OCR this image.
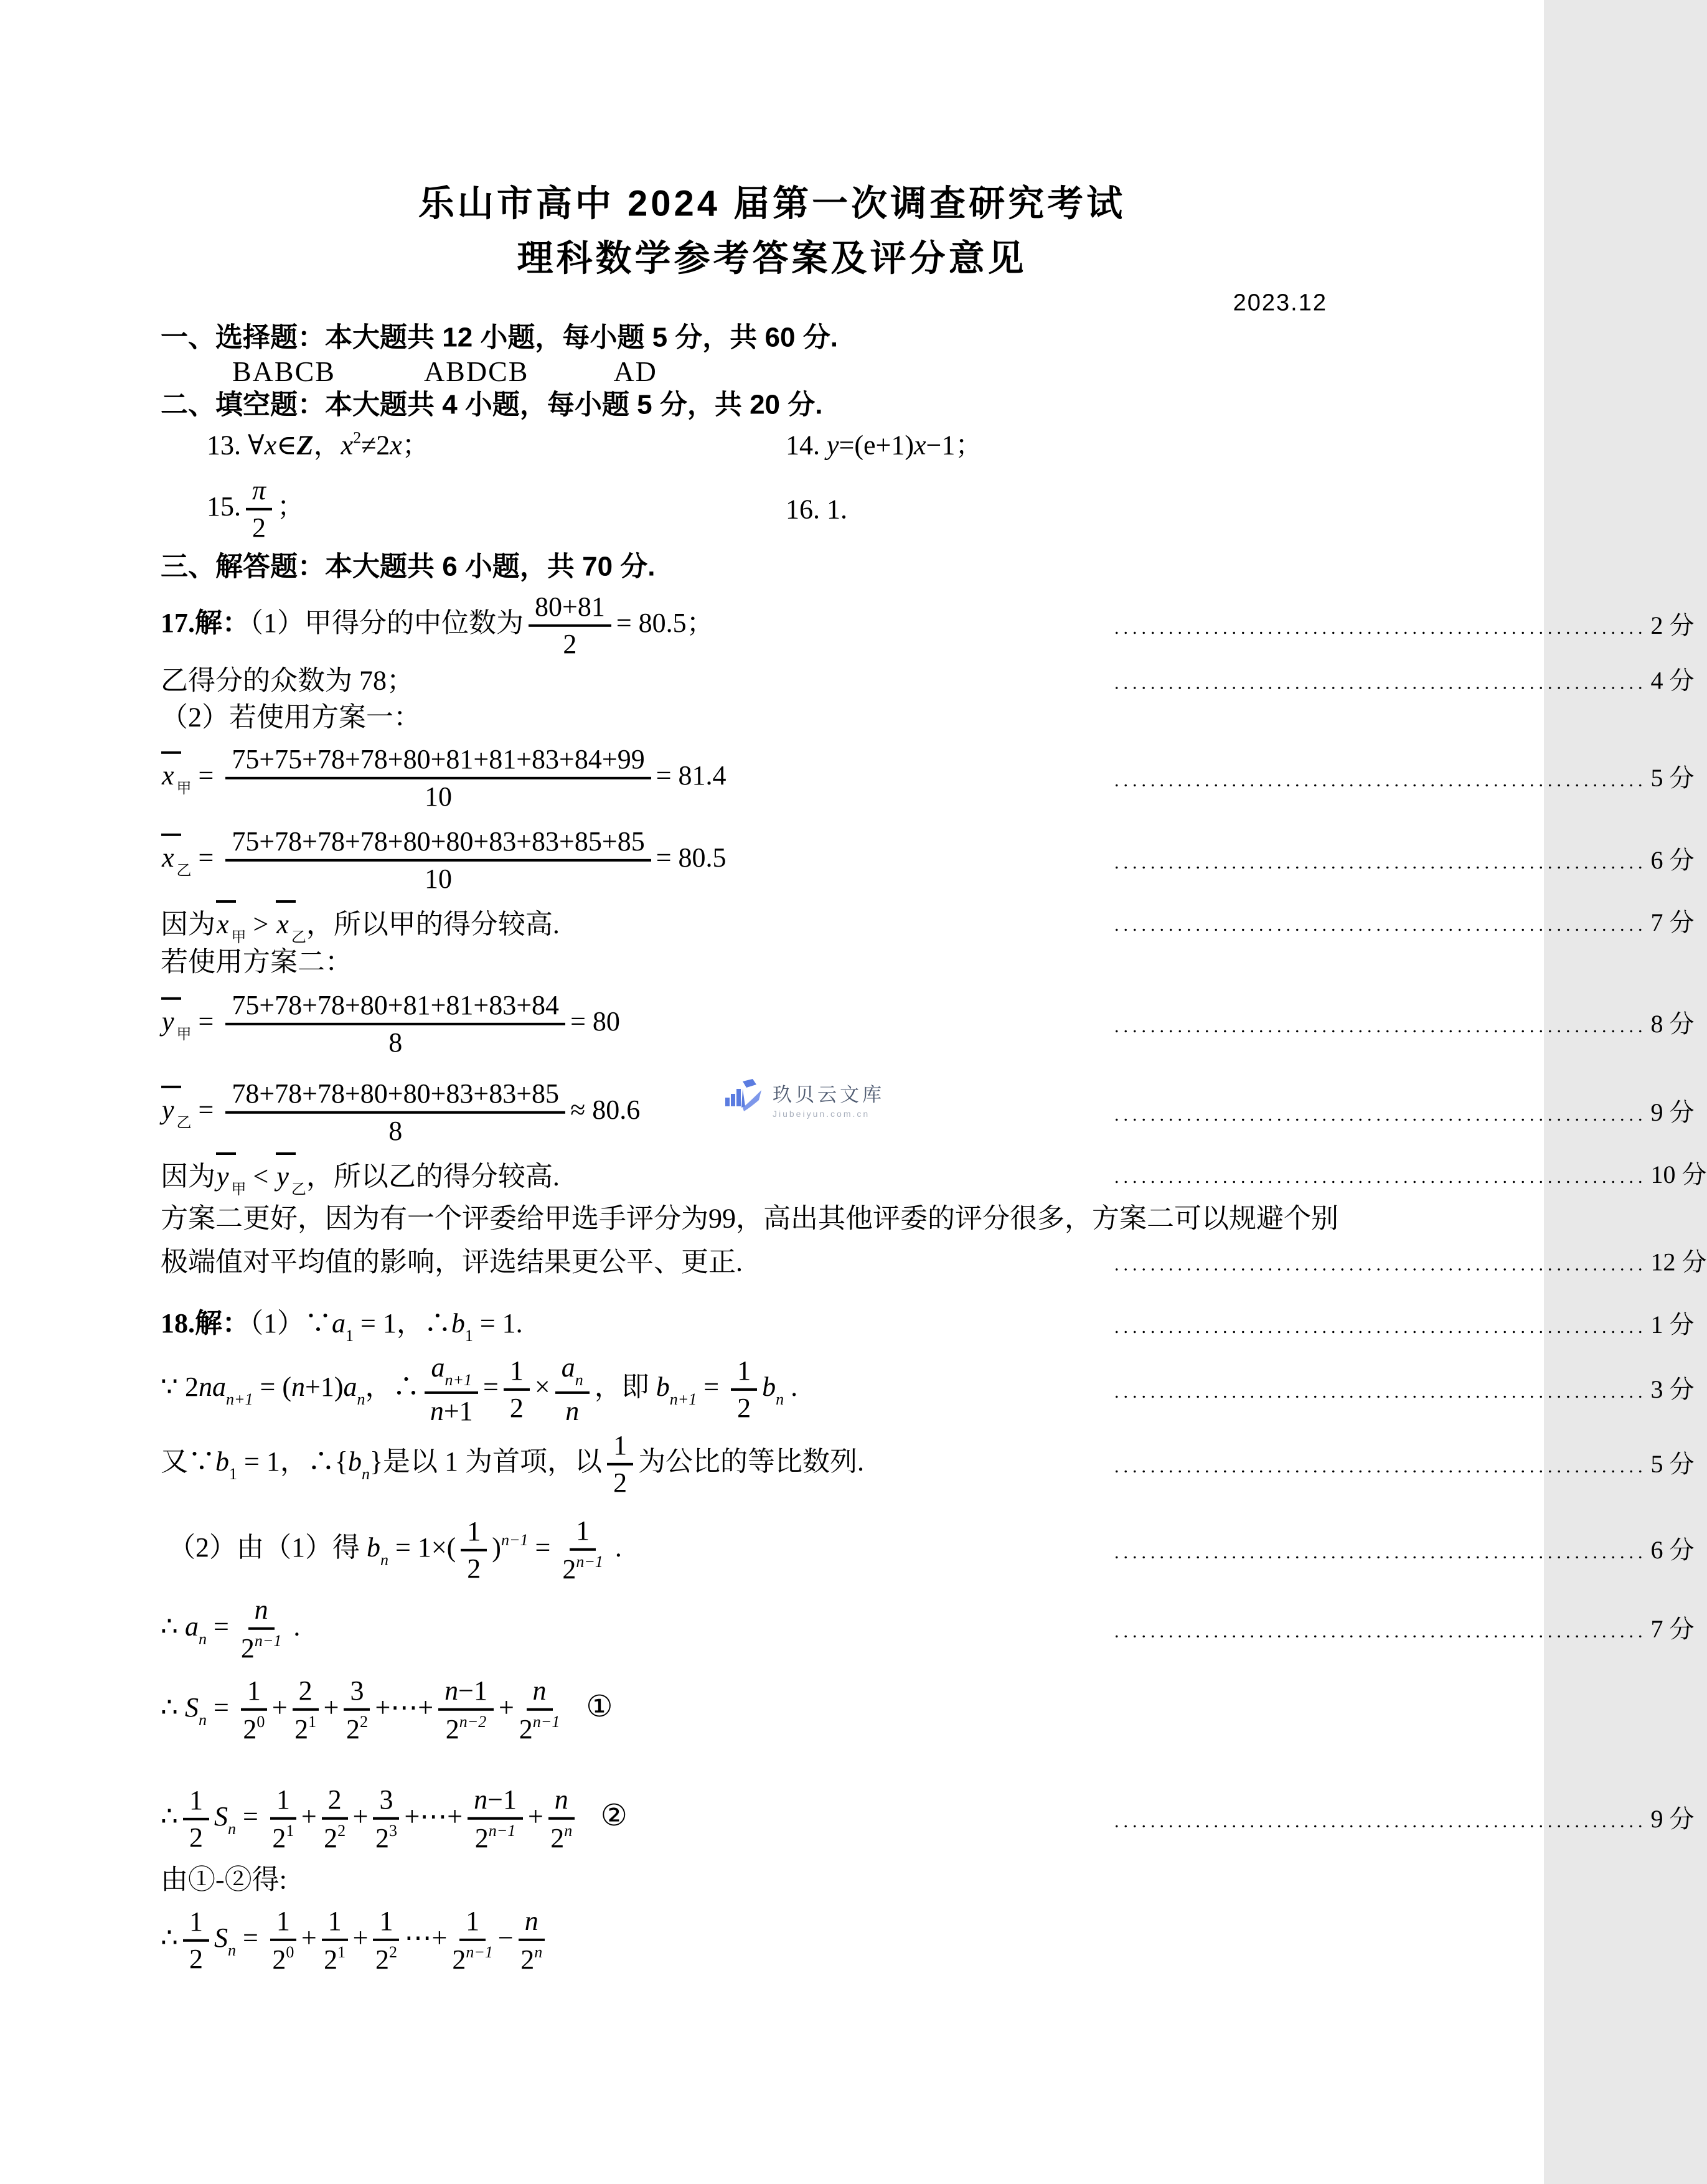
玖贝云文库
Jiubeiyun.com.cn
乐山市高中 2024 届第一次调查研究考试
理科数学参考答案及评分意见
2023.12
一、选择题：本大题共 12 小题，每小题 5 分，共 60 分.
BABCB	ABDCB	AD
二、填空题：本大题共 4 小题，每小题 5 分，共 20 分.
13. ∀x∈Z，$x^2\ne 2x$；	14. y=(e+1)x−1；
15. $\frac{\pi}{2}$ ；	16. 1.
三、解答题：本大题共 6 小题，共 70 分.
17.解：（1）甲得分的中位数为 $\frac{80+81}{2} = 80.5$；	........................................................... 2 分
乙得分的众数为 78；	........................................................... 4 分
（2）若使用方案一：
x $_甲 = \frac{75+75+78+78+80+81+81+83+84+99}{10} = 81.4$	........................................................... 5 分
x $_乙 = \frac{75+78+78+78+80+80+83+83+85+85}{10} = 80.5$	........................................................... 6 分
因为x $_甲$ > x $_乙$，所以甲的得分较高.	........................................................... 7 分
若使用方案二：
y $_甲 = \frac{75+78+78+80+81+81+83+84}{8} = 80$	........................................................... 8 分
y $_乙 = \frac{78+78+78+80+80+83+83+85}{8} \approx 80.6$	........................................................... 9 分
因为y $_甲$ < y $_乙$，所以乙的得分较高.	........................................................... 10 分
方案二更好，因为有一个评委给甲选手评分为99，高出其他评委的评分很多，方案二可以规避个别
极端值对平均值的影响，评选结果更公平、更正.	........................................................... 12 分
18.解：$(1)\because a_1 = 1$，$\therefore b_1 = 1$.	........................................................... 1 分
∵ $2na_{n+1} = (n+1)a_n$，∴ $\frac{a_{n+1}}{n+1} = \frac{1}{2} \times \frac{a_n}{n}$ ，即 $b_{n+1} = \frac{1}{2} b_n$ .	........................................................... 3 分
又$\because b_1 = 1$，$\therefore\{b_n\}$是以 1 为首项，以 $\frac{1}{2}$ 为公比的等比数列.	........................................................... 5 分
（2）由（1）得 $b_n = 1\times( \frac{1}{2} )^{n-1} = \frac{1}{2^{n-1}}$ .	........................................................... 6 分
∴ $a_n = \frac{n}{2^{n-1}}$ .	........................................................... 7 分
∴ $S_n = \frac{1}{2^0} + \frac{2}{2^1} + \frac{3}{2^2}$ +⋯+ $\frac{n-1}{2^{n-2}} + \frac{n}{2^{n-1}}$ ①
∴ $\frac{1}{2} S_n = \frac{1}{2^1} + \frac{2}{2^2} + \frac{3}{2^3}$ +⋯+ $\frac{n-1}{2^{n-1}} + \frac{n}{2^n}$ ②	........................................................... 9 分
由①-②得:
∴ $\frac{1}{2} S_n = \frac{1}{2^0} + \frac{1}{2^1} + \frac{1}{2^2}$ ⋯+ $\frac{1}{2^{n-1}} - \frac{n}{2^n}$
